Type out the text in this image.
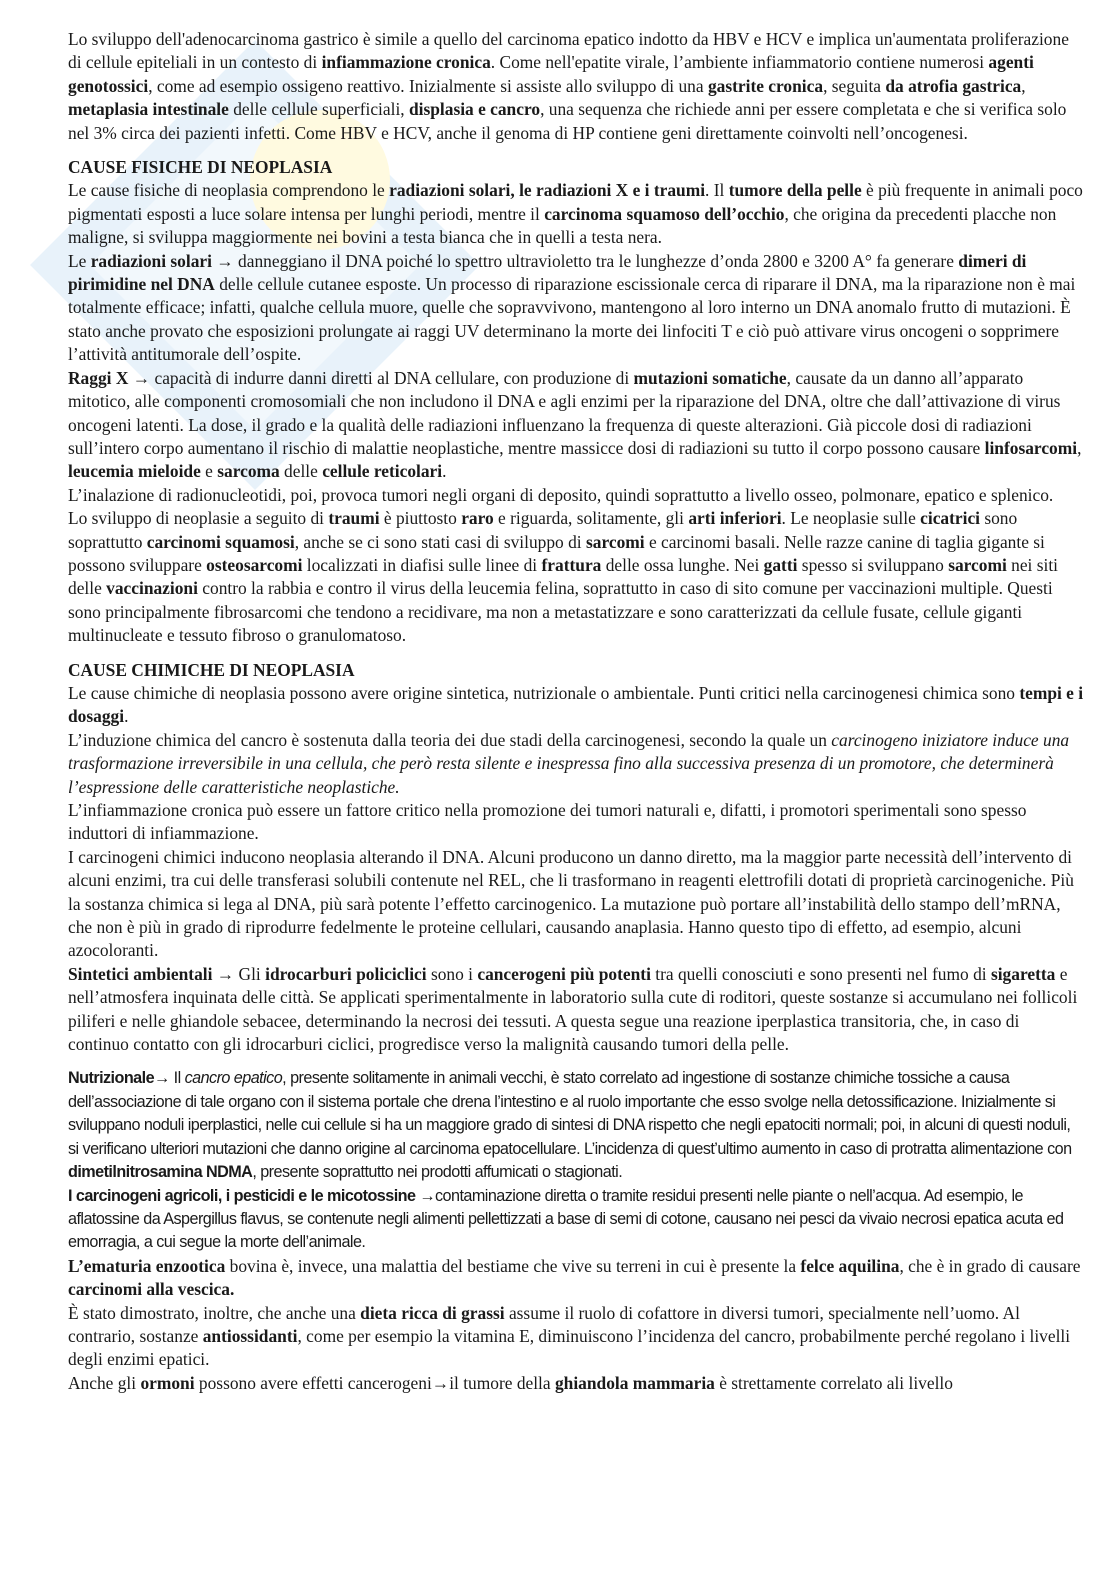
Lo sviluppo dell'adenocarcinoma gastrico è simile a quello del carcinoma epatico indotto da HBV e HCV e implica un'aumentata proliferazione di cellule epiteliali in un contesto di infiammazione cronica. Come nell'epatite virale, l’ambiente infiammatorio contiene numerosi agenti genotossici, come ad esempio ossigeno reattivo. Inizialmente si assiste allo sviluppo di una gastrite cronica, seguita da atrofia gastrica, metaplasia intestinale delle cellule superficiali, displasia e cancro, una sequenza che richiede anni per essere completata e che si verifica solo nel 3% circa dei pazienti infetti. Come HBV e HCV, anche il genoma di HP contiene geni direttamente coinvolti nell’oncogenesi.

CAUSE FISICHE DI NEOPLASIA

Le cause fisiche di neoplasia comprendono le radiazioni solari, le radiazioni X e i traumi. Il tumore della pelle è più frequente in animali poco pigmentati esposti a luce solare intensa per lunghi periodi, mentre il carcinoma squamoso dell’occhio, che origina da precedenti placche non maligne, si sviluppa maggiormente nei bovini a testa bianca che in quelli a testa nera.

Le radiazioni solari → danneggiano il DNA poiché lo spettro ultravioletto tra le lunghezze d’onda 2800 e 3200 A° fa generare dimeri di pirimidine nel DNA delle cellule cutanee esposte. Un processo di riparazione escissionale cerca di riparare il DNA, ma la riparazione non è mai totalmente efficace; infatti, qualche cellula muore, quelle che sopravvivono, mantengono al loro interno un DNA anomalo frutto di mutazioni. È stato anche provato che esposizioni prolungate ai raggi UV determinano la morte dei linfociti T e ciò può attivare virus oncogeni o sopprimere l’attività antitumorale dell’ospite.

Raggi X → capacità di indurre danni diretti al DNA cellulare, con produzione di mutazioni somatiche, causate da un danno all’apparato mitotico, alle componenti cromosomiali che non includono il DNA e agli enzimi per la riparazione del DNA, oltre che dall’attivazione di virus oncogeni latenti. La dose, il grado e la qualità delle radiazioni influenzano la frequenza di queste alterazioni. Già piccole dosi di radiazioni sull’intero corpo aumentano il rischio di malattie neoplastiche, mentre massicce dosi di radiazioni su tutto il corpo possono causare linfosarcomi, leucemia mieloide e sarcoma delle cellule reticolari.

L’inalazione di radionucleotidi, poi, provoca tumori negli organi di deposito, quindi soprattutto a livello osseo, polmonare, epatico e splenico.

Lo sviluppo di neoplasie a seguito di traumi è piuttosto raro e riguarda, solitamente, gli arti inferiori. Le neoplasie sulle cicatrici sono soprattutto carcinomi squamosi, anche se ci sono stati casi di sviluppo di sarcomi e carcinomi basali. Nelle razze canine di taglia gigante si possono sviluppare osteosarcomi localizzati in diafisi sulle linee di frattura delle ossa lunghe. Nei gatti spesso si sviluppano sarcomi nei siti delle vaccinazioni contro la rabbia e contro il virus della leucemia felina, soprattutto in caso di sito comune per vaccinazioni multiple. Questi sono principalmente fibrosarcomi che tendono a recidivare, ma non a metastatizzare e sono caratterizzati da cellule fusate, cellule giganti multinucleate e tessuto fibroso o granulomatoso.

CAUSE CHIMICHE DI NEOPLASIA

Le cause chimiche di neoplasia possono avere origine sintetica, nutrizionale o ambientale. Punti critici nella carcinogenesi chimica sono tempi e i dosaggi.

L’induzione chimica del cancro è sostenuta dalla teoria dei due stadi della carcinogenesi, secondo la quale un carcinogeno iniziatore induce una trasformazione irreversibile in una cellula, che però resta silente e inespressa fino alla successiva presenza di un promotore, che determinerà l’espressione delle caratteristiche neoplastiche.

L’infiammazione cronica può essere un fattore critico nella promozione dei tumori naturali e, difatti, i promotori sperimentali sono spesso induttori di infiammazione.

I carcinogeni chimici inducono neoplasia alterando il DNA. Alcuni producono un danno diretto, ma la maggior parte necessità dell’intervento di alcuni enzimi, tra cui delle transferasi solubili contenute nel REL, che li trasformano in reagenti elettrofili dotati di proprietà carcinogeniche. Più la sostanza chimica si lega al DNA, più sarà potente l’effetto carcinogenico. La mutazione può portare all’instabilità dello stampo dell’mRNA, che non è più in grado di riprodurre fedelmente le proteine cellulari, causando anaplasia. Hanno questo tipo di effetto, ad esempio, alcuni azocoloranti.

Sintetici ambientali → Gli idrocarburi policiclici sono i cancerogeni più potenti tra quelli conosciuti e sono presenti nel fumo di sigaretta e nell’atmosfera inquinata delle città. Se applicati sperimentalmente in laboratorio sulla cute di roditori, queste sostanze si accumulano nei follicoli piliferi e nelle ghiandole sebacee, determinando la necrosi dei tessuti. A questa segue una reazione iperplastica transitoria, che, in caso di continuo contatto con gli idrocarburi ciclici, progredisce verso la malignità causando tumori della pelle.

Nutrizionale→ Il cancro epatico, presente solitamente in animali vecchi, è stato correlato ad ingestione di sostanze chimiche tossiche a causa dell’associazione di tale organo con il sistema portale che drena l’intestino e al ruolo importante che esso svolge nella detossificazione. Inizialmente si sviluppano noduli iperplastici, nelle cui cellule si ha un maggiore grado di sintesi di DNA rispetto che negli epatociti normali; poi, in alcuni di questi noduli, si verificano ulteriori mutazioni che danno origine al carcinoma epatocellulare. L’incidenza di quest’ultimo aumento in caso di protratta alimentazione con dimetilnitrosamina NDMA, presente soprattutto nei prodotti affumicati o stagionati.

I carcinogeni agricoli, i pesticidi e le micotossine →contaminazione diretta o tramite residui presenti nelle piante o nell’acqua. Ad esempio, le aflatossine da Aspergillus flavus, se contenute negli alimenti pellettizzati a base di semi di cotone, causano nei pesci da vivaio necrosi epatica acuta ed emorragia, a cui segue la morte dell’animale.

L’ematuria enzootica bovina è, invece, una malattia del bestiame che vive su terreni in cui è presente la felce aquilina, che è in grado di causare carcinomi alla vescica.

È stato dimostrato, inoltre, che anche una dieta ricca di grassi assume il ruolo di cofattore in diversi tumori, specialmente nell’uomo. Al contrario, sostanze antiossidanti, come per esempio la vitamina E, diminuiscono l’incidenza del cancro, probabilmente perché regolano i livelli degli enzimi epatici.

Anche gli ormoni possono avere effetti cancerogeni→il tumore della ghiandola mammaria è strettamente correlato ali livello
